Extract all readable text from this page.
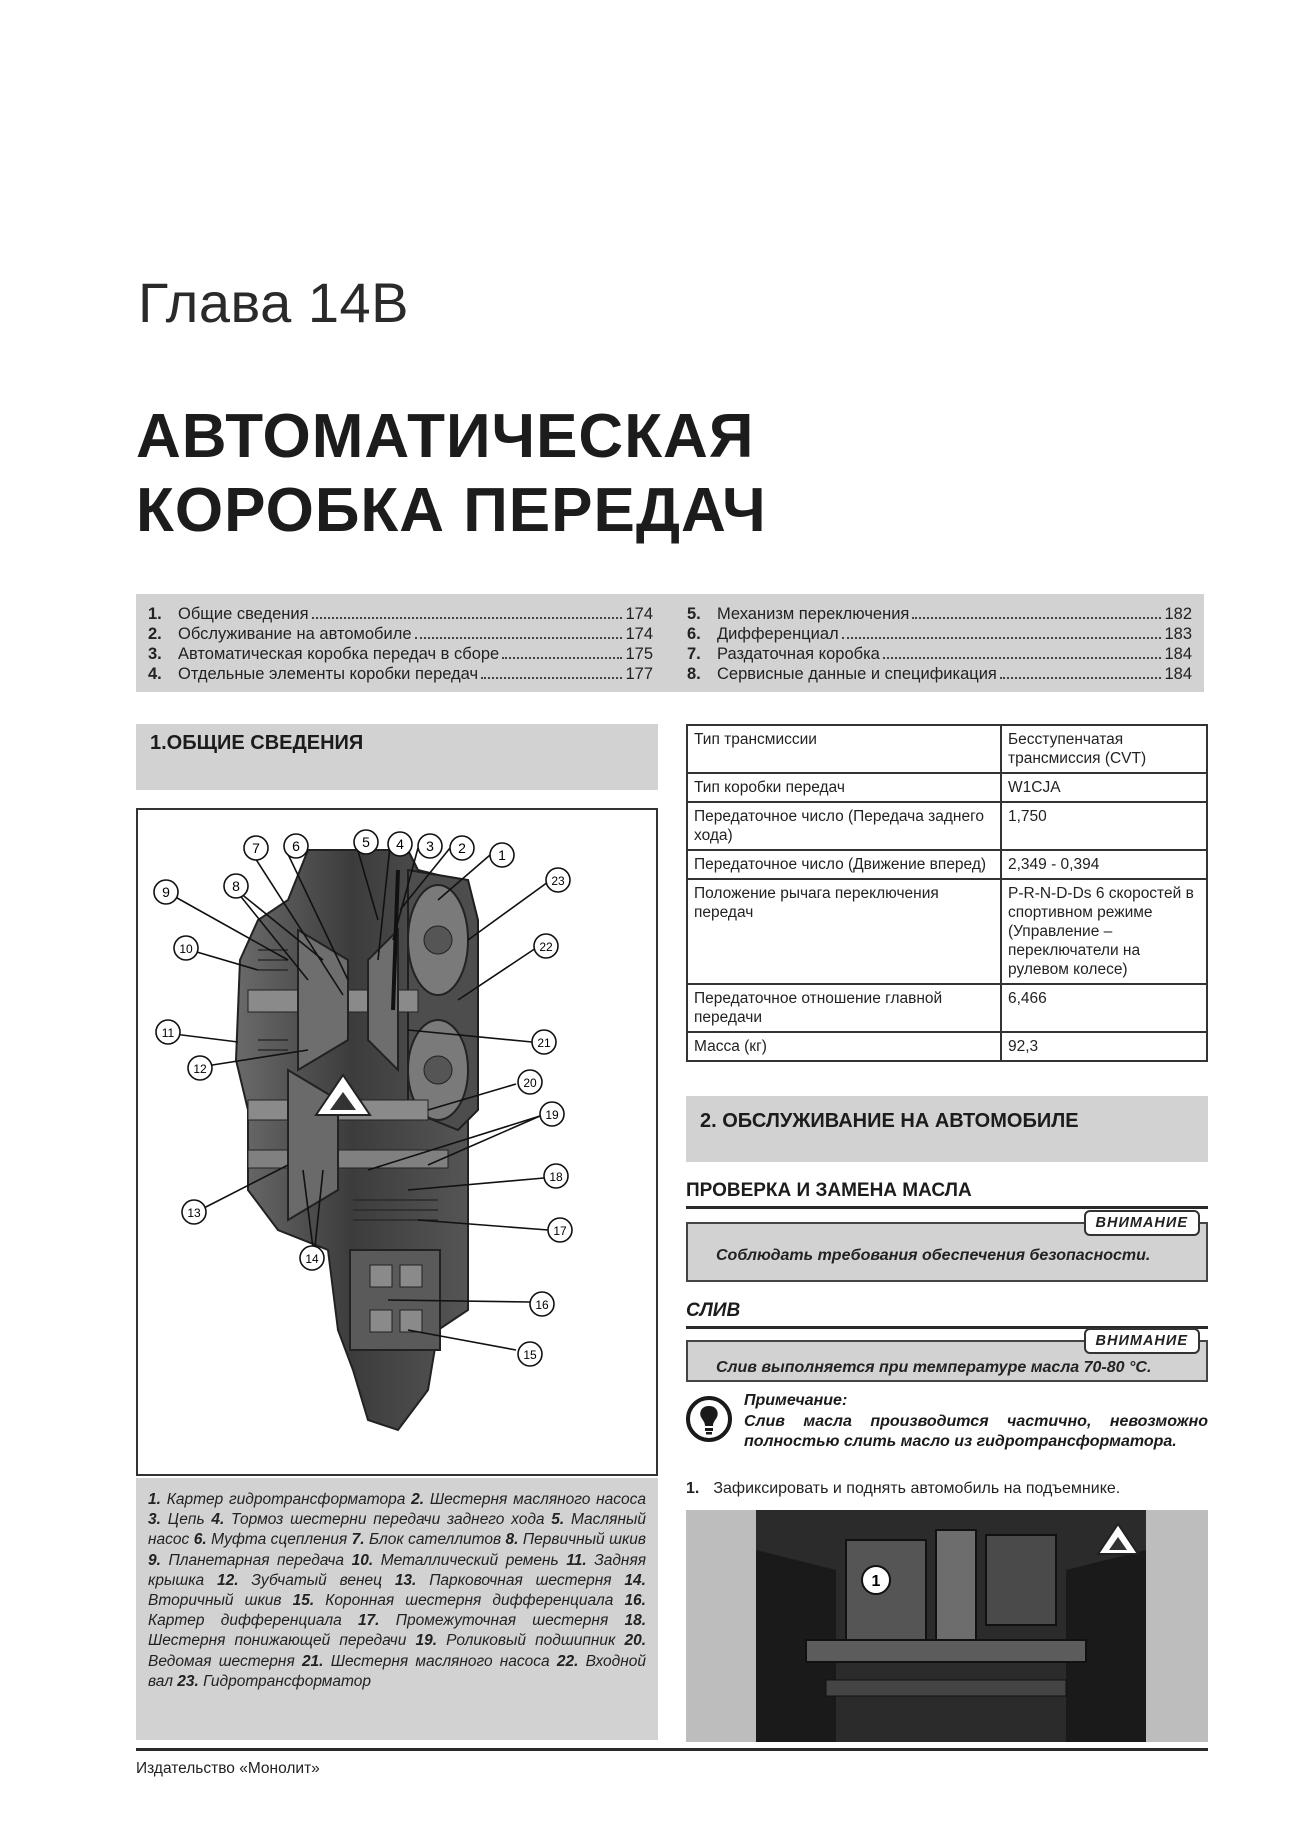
Глава 14В
АВТОМАТИЧЕСКАЯ
КОРОБКА ПЕРЕДАЧ
1. Общие сведения	174
2. Обслуживание на автомобиле	174
3. Автоматическая коробка передач в сборе	175
4. Отдельные элементы коробки передач	177
5. Механизм переключения	182
6. Дифференциал	183
7. Раздаточная коробка	184
8. Сервисные данные и спецификация	184
1.ОБЩИЕ СВЕДЕНИЯ
1
2
3
4
5
6
7
8
9
10
11
12
13
14
15
16
17
18
19
20
21
22
23
1. Картер гидротрансформатора 2. Шестерня масляного насоса 3. Цепь 4. Тормоз шестерни передачи заднего хода 5. Масляный насос 6. Муфта сцепления 7. Блок сателлитов 8. Первичный шкив 9. Планетарная передача 10. Металлический ремень 11. Задняя крышка 12. Зубчатый венец 13. Парковочная шестерня 14. Вторичный шкив 15. Коронная шестерня дифференциала 16. Картер дифференциала 17. Промежуточная шестерня 18. Шестерня понижающей передачи 19. Роликовый подшипник 20. Ведомая шестерня 21. Шестерня масляного насоса 22. Входной вал 23. Гидротрансформатор
Тип трансмиссии	Бесступенчатая трансмиссия (CVT)
Тип коробки передач	W1CJA
Передаточное число (Передача заднего хода)	1,750
Передаточное число (Движение вперед)	2,349 - 0,394
Положение рычага переключения передач	P-R-N-D-Ds 6 скоростей в спортивном режиме (Управление – переключатели на рулевом колесе)
Передаточное отношение главной передачи	6,466
Масса (кг)	92,3
2. ОБСЛУЖИВАНИЕ НА АВТОМОБИЛЕ
ПРОВЕРКА И ЗАМЕНА МАСЛА
ВНИМАНИЕ
Соблюдать требования обеспечения безопасности.
СЛИВ
ВНИМАНИЕ
Слив выполняется при температуре масла 70-80 °С.
Примечание:
Слив масла производится частично, невозможно полностью слить масло из гидротрансформатора.
1. Зафиксировать и поднять автомобиль на подъемнике.
1
Издательство «Монолит»
